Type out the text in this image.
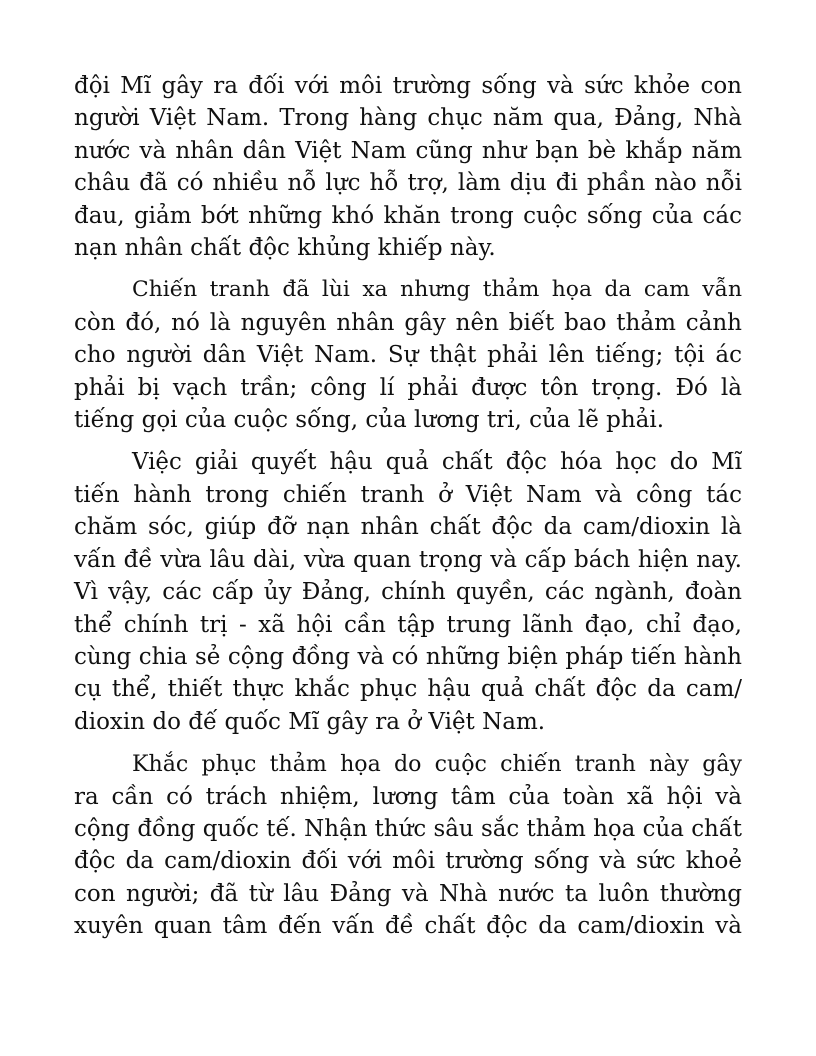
đội Mĩ gây ra đối với môi trường sống và sức khỏe con
người Việt Nam. Trong hàng chục năm qua, Đảng, Nhà
nước và nhân dân Việt Nam cũng như bạn bè khắp năm
châu đã có nhiều nỗ lực hỗ trợ, làm dịu đi phần nào nỗi
đau, giảm bớt những khó khăn trong cuộc sống của các
nạn nhân chất độc khủng khiếp này.

Chiến tranh đã lùi xa nhưng thảm họa da cam vẫn
còn đó, nó là nguyên nhân gây nên biết bao thảm cảnh
cho người dân Việt Nam. Sự thật phải lên tiếng; tội ác
phải bị vạch trần; công lí phải được tôn trọng. Đó là
tiếng gọi của cuộc sống, của lương tri, của lẽ phải.

Việc giải quyết hậu quả chất độc hóa học do Mĩ
tiến hành trong chiến tranh ở Việt Nam và công tác
chăm sóc, giúp đỡ nạn nhân chất độc da cam/dioxin là
vấn đề vừa lâu dài, vừa quan trọng và cấp bách hiện nay.
Vì vậy, các cấp ủy Đảng, chính quyền, các ngành, đoàn
thể chính trị - xã hội cần tập trung lãnh đạo, chỉ đạo,
cùng chia sẻ cộng đồng và có những biện pháp tiến hành
cụ thể, thiết thực khắc phục hậu quả chất độc da cam/
dioxin do đế quốc Mĩ gây ra ở Việt Nam.

Khắc phục thảm họa do cuộc chiến tranh này gây
ra cần có trách nhiệm, lương tâm của toàn xã hội và
cộng đồng quốc tế. Nhận thức sâu sắc thảm họa của chất
độc da cam/dioxin đối với môi trường sống và sức khoẻ
con người; đã từ lâu Đảng và Nhà nước ta luôn thường
xuyên quan tâm đến vấn đề chất độc da cam/dioxin và
